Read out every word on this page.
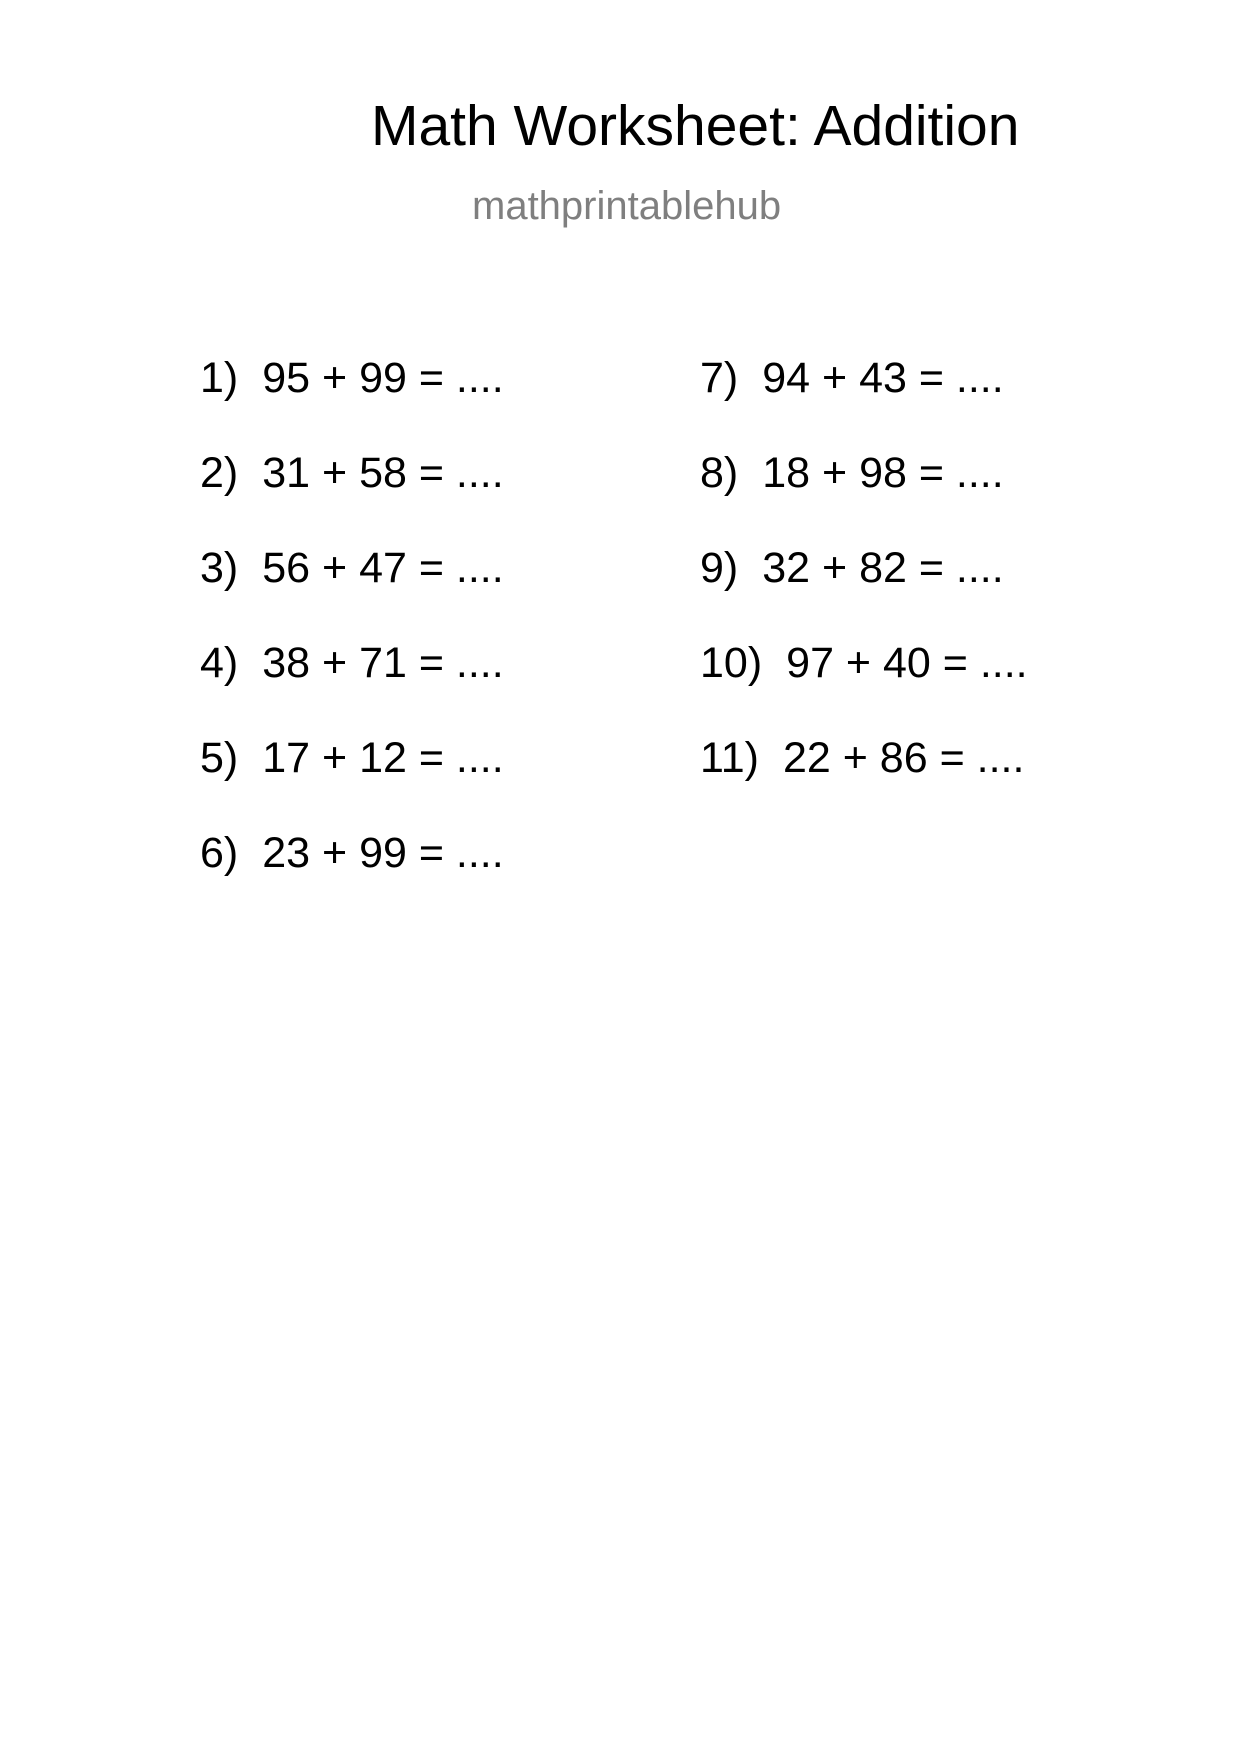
Math Worksheet: Addition
mathprintablehub
1) 95 + 99 = ....
2) 31 + 58 = ....
3) 56 + 47 = ....
4) 38 + 71 = ....
5) 17 + 12 = ....
6) 23 + 99 = ....
7) 94 + 43 = ....
8) 18 + 98 = ....
9) 32 + 82 = ....
10) 97 + 40 = ....
11) 22 + 86 = ....
